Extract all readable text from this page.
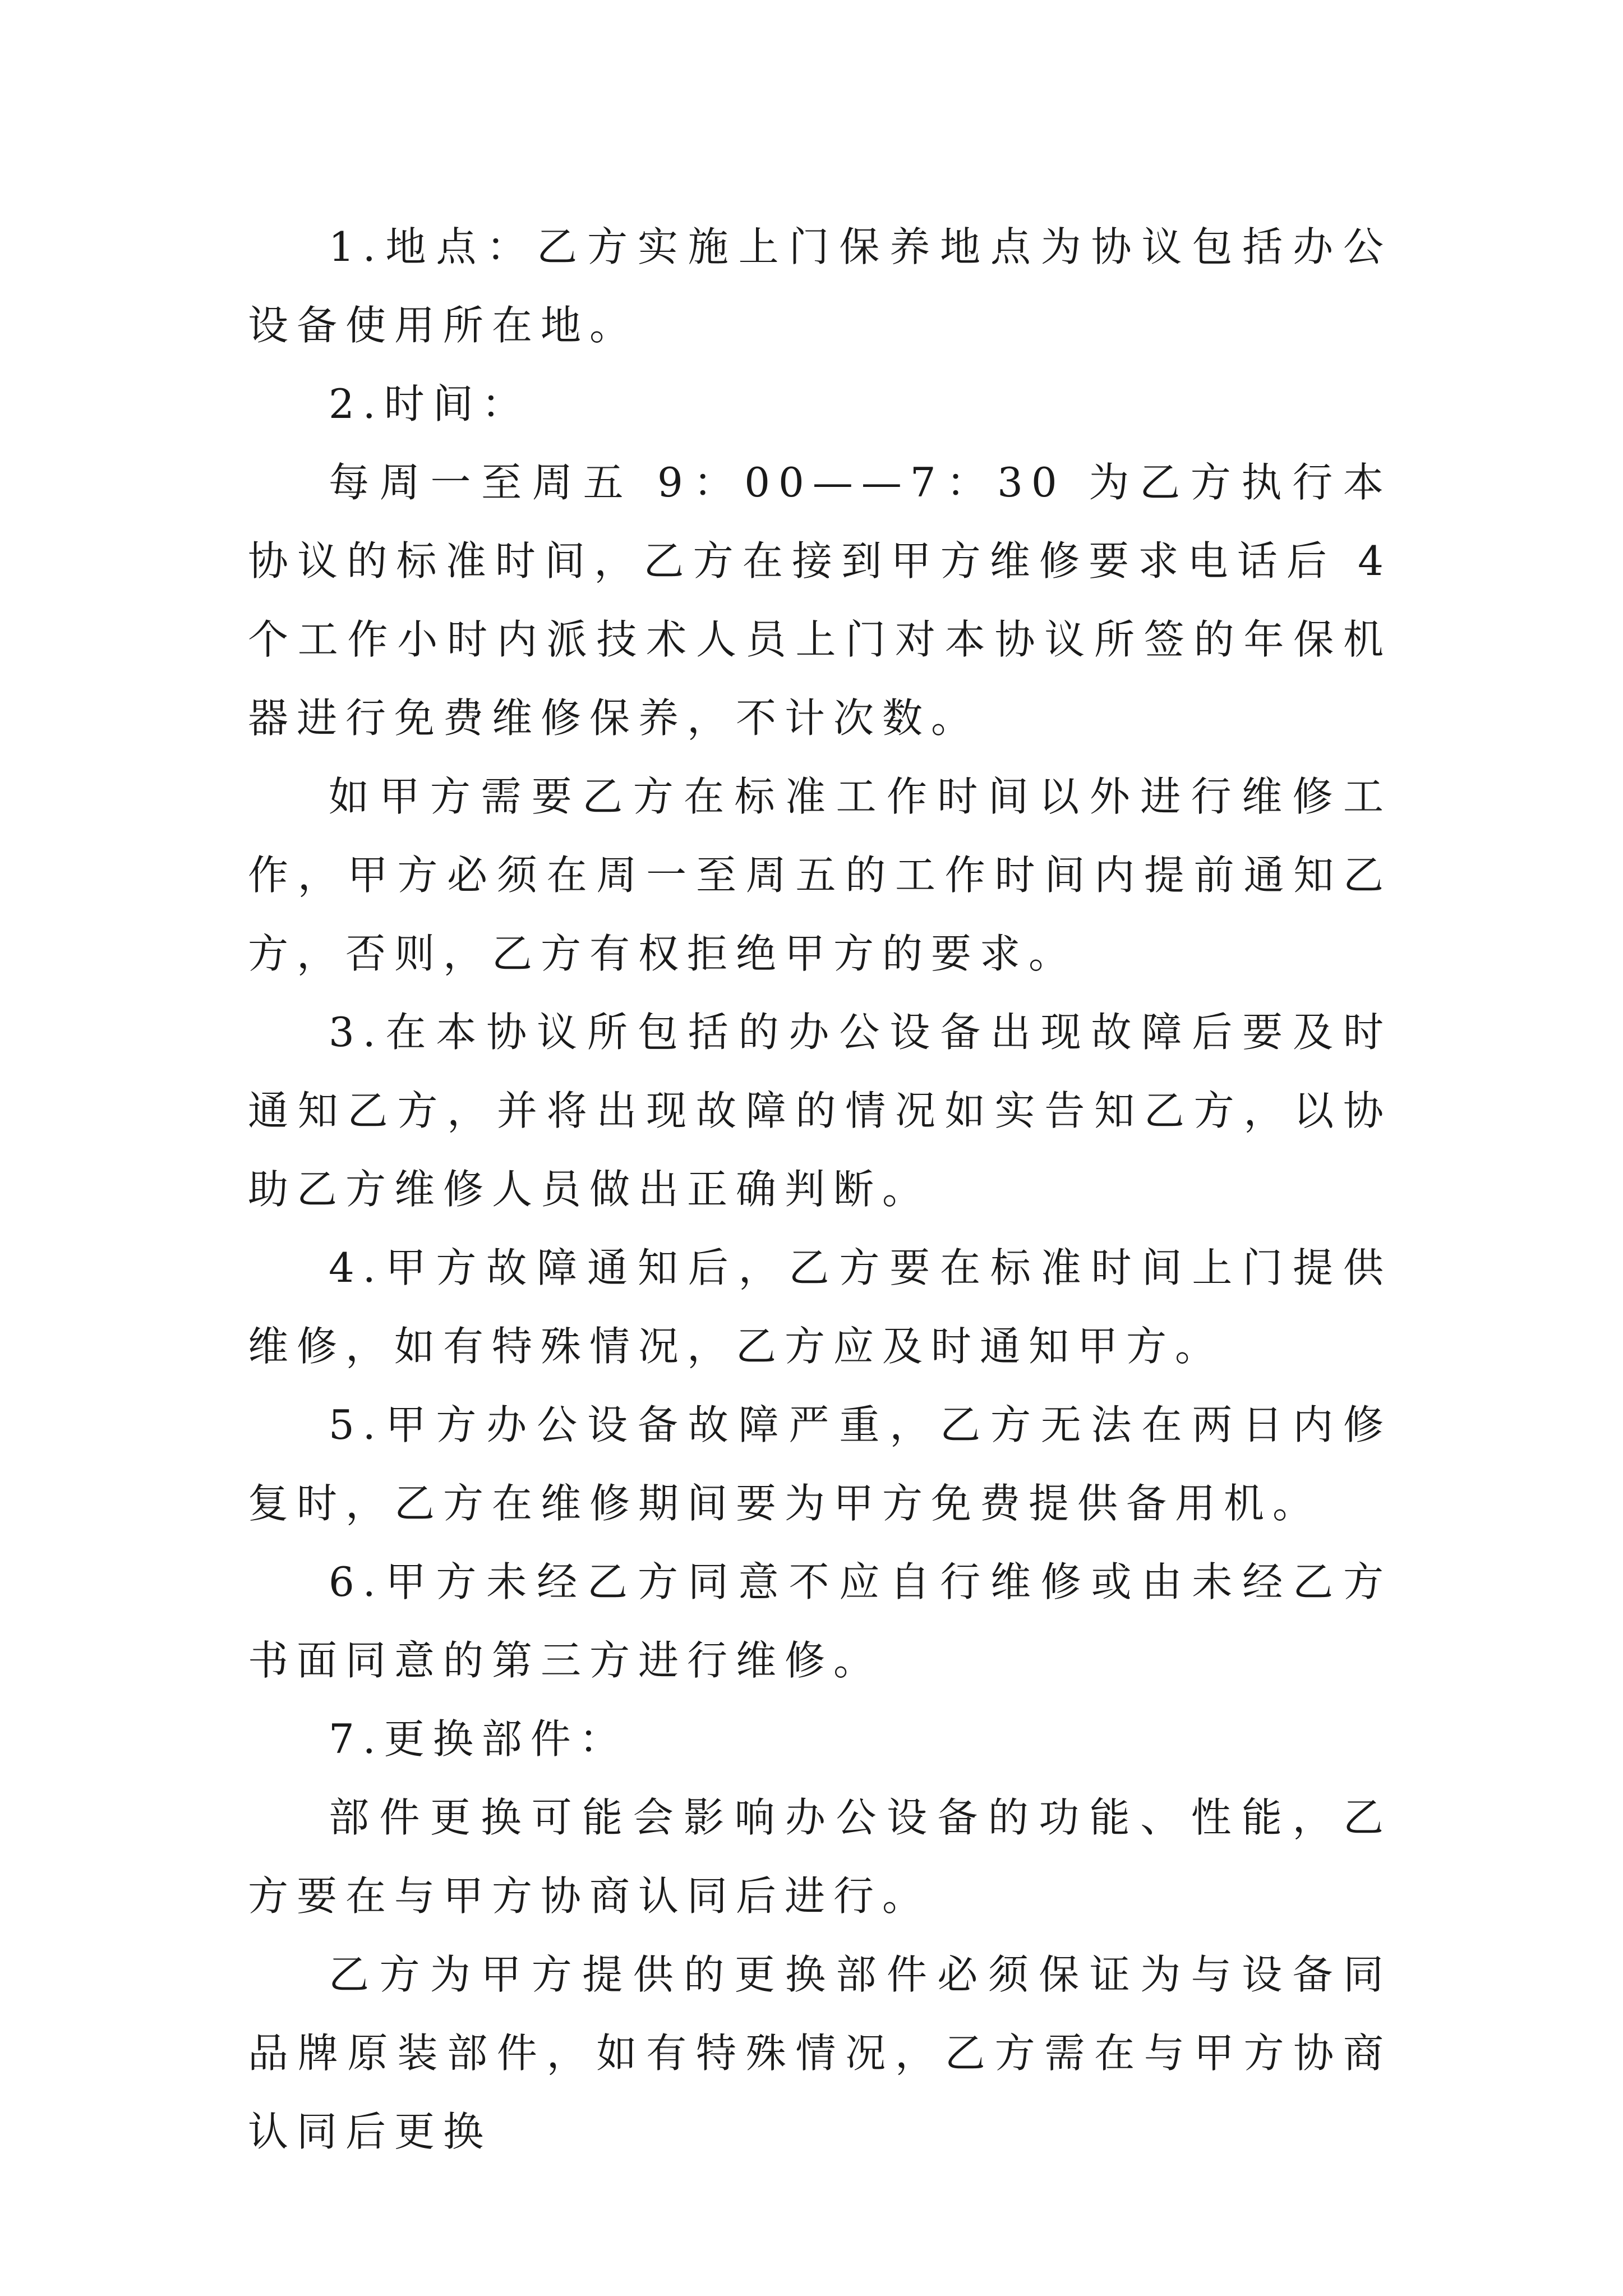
1.地点：乙方实施上门保养地点为协议包括办公设备使用所在地。

2.时间：

每周一至周五 9：00——7：30 为乙方执行本协议的标准时间，乙方在接到甲方维修要求电话后 4 个工作小时内派技术人员上门对本协议所签的年保机器进行免费维修保养，不计次数。

如甲方需要乙方在标准工作时间以外进行维修工作，甲方必须在周一至周五的工作时间内提前通知乙方，否则，乙方有权拒绝甲方的要求。

3.在本协议所包括的办公设备出现故障后要及时通知乙方，并将出现故障的情况如实告知乙方，以协助乙方维修人员做出正确判断。

4.甲方故障通知后，乙方要在标准时间上门提供维修，如有特殊情况，乙方应及时通知甲方。

5.甲方办公设备故障严重，乙方无法在两日内修复时，乙方在维修期间要为甲方免费提供备用机。

6.甲方未经乙方同意不应自行维修或由未经乙方书面同意的第三方进行维修。

7.更换部件：

部件更换可能会影响办公设备的功能、性能，乙方要在与甲方协商认同后进行。

乙方为甲方提供的更换部件必须保证为与设备同品牌原装部件，如有特殊情况，乙方需在与甲方协商认同后更换
